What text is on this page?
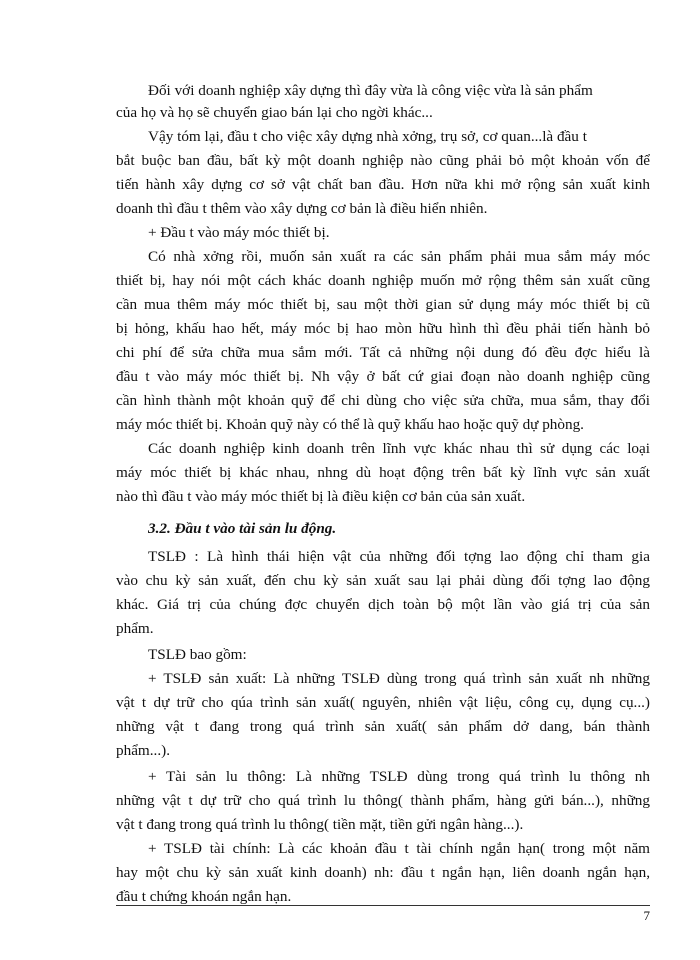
Đối với doanh nghiệp xây dựng thì đây vừa là công việc vừa là sản phẩm
của họ và họ sẽ chuyển giao bán lại cho ngời khác...
Vậy tóm lại, đầu t cho việc xây dựng nhà xởng, trụ sở, cơ quan...là đầu t
bắt buộc ban đầu, bất kỳ một doanh nghiệp nào cũng phải bỏ một khoản vốn để
tiến hành xây dựng cơ sở vật chất ban đầu. Hơn nữa khi mở rộng sản xuất kinh
doanh thì đầu t thêm vào xây dựng cơ bản là điều hiển nhiên.
+ Đầu t vào máy móc thiết bị.
Có nhà xởng rồi, muốn sản xuất ra các sản phẩm phải mua sắm máy móc
thiết bị, hay nói một cách khác doanh nghiệp muốn mở rộng thêm sản xuất cũng
cần mua thêm máy móc thiết bị, sau một thời gian sử dụng máy móc thiết bị cũ
bị hỏng, khấu hao hết, máy móc bị hao mòn hữu hình thì đều phải tiến hành bỏ
chi phí để sửa chữa mua sắm mới. Tất cả những nội dung đó đều đợc hiểu là
đầu t vào máy móc thiết bị. Nh vậy ở bất cứ giai đoạn nào doanh nghiệp cũng
cần hình thành một khoản quỹ để chi dùng cho việc sửa chữa, mua sắm, thay đổi
máy móc thiết bị. Khoản quỹ này có thể là quỹ khấu hao hoặc quỹ dự phòng.
Các doanh nghiệp kinh doanh trên lĩnh vực khác nhau thì sử dụng các loại
máy móc thiết bị khác nhau, nhng dù hoạt động trên bất kỳ lĩnh vực sản xuất
nào thì đầu t vào máy móc thiết bị là điều kiện cơ bản của sản xuất.
3.2. Đầu t vào tài sản lu động.
TSLĐ : Là hình thái hiện vật của những đối tợng lao động chỉ tham gia
vào chu kỳ sản xuất, đến chu kỳ sản xuất sau lại phải dùng đối tợng lao động
khác. Giá trị của chúng đợc chuyển dịch toàn bộ một lần vào giá trị của sản
phẩm.
TSLĐ bao gồm:
+ TSLĐ sản xuất: Là những TSLĐ dùng trong quá trình sản xuất nh những
vật t dự trữ cho qúa trình sản xuất( nguyên, nhiên vật liệu, công cụ, dụng cụ...)
những vật t đang trong quá trình sản xuất( sản phẩm dở dang, bán thành
phẩm...).
+ Tài sản lu thông: Là những TSLĐ dùng trong quá trình lu thông nh
những vật t dự trữ cho quá trình lu thông( thành phẩm, hàng gửi bán...), những
vật t đang trong quá trình lu thông( tiền mặt, tiền gửi ngân hàng...).
+ TSLĐ tài chính: Là các khoản đầu t tài chính ngắn hạn( trong một năm
hay một chu kỳ sản xuất kinh doanh) nh: đầu t ngắn hạn, liên doanh ngắn hạn,
đầu t chứng khoán ngắn hạn.
7
